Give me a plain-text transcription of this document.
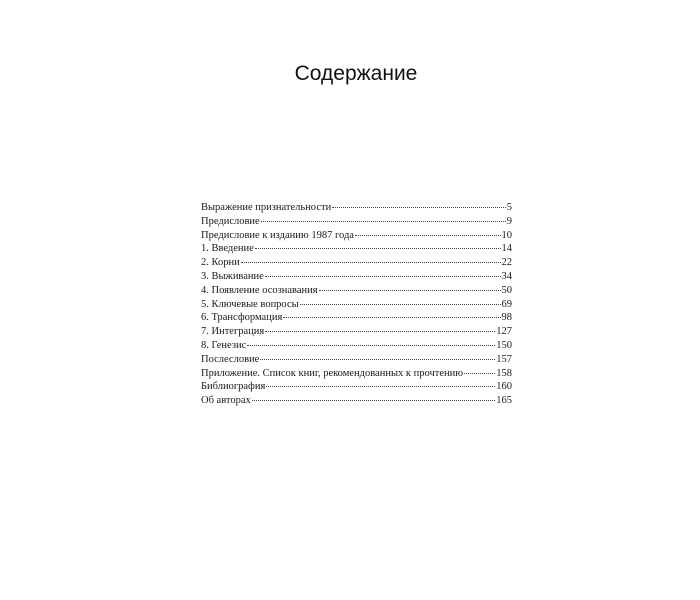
Содержание
Выражение признательности	5
Предисловие	9
Предисловие к изданию 1987 года	10
1. Введение	14
2. Корни	22
3. Выживание	34
4. Появление осознавания	50
5. Ключевые вопросы	69
6. Трансформация	98
7. Интеграция	127
8. Генезис	150
Послесловие	157
Приложение. Список книг, рекомендованных к прочтению	158
Библиография	160
Об авторах	165
